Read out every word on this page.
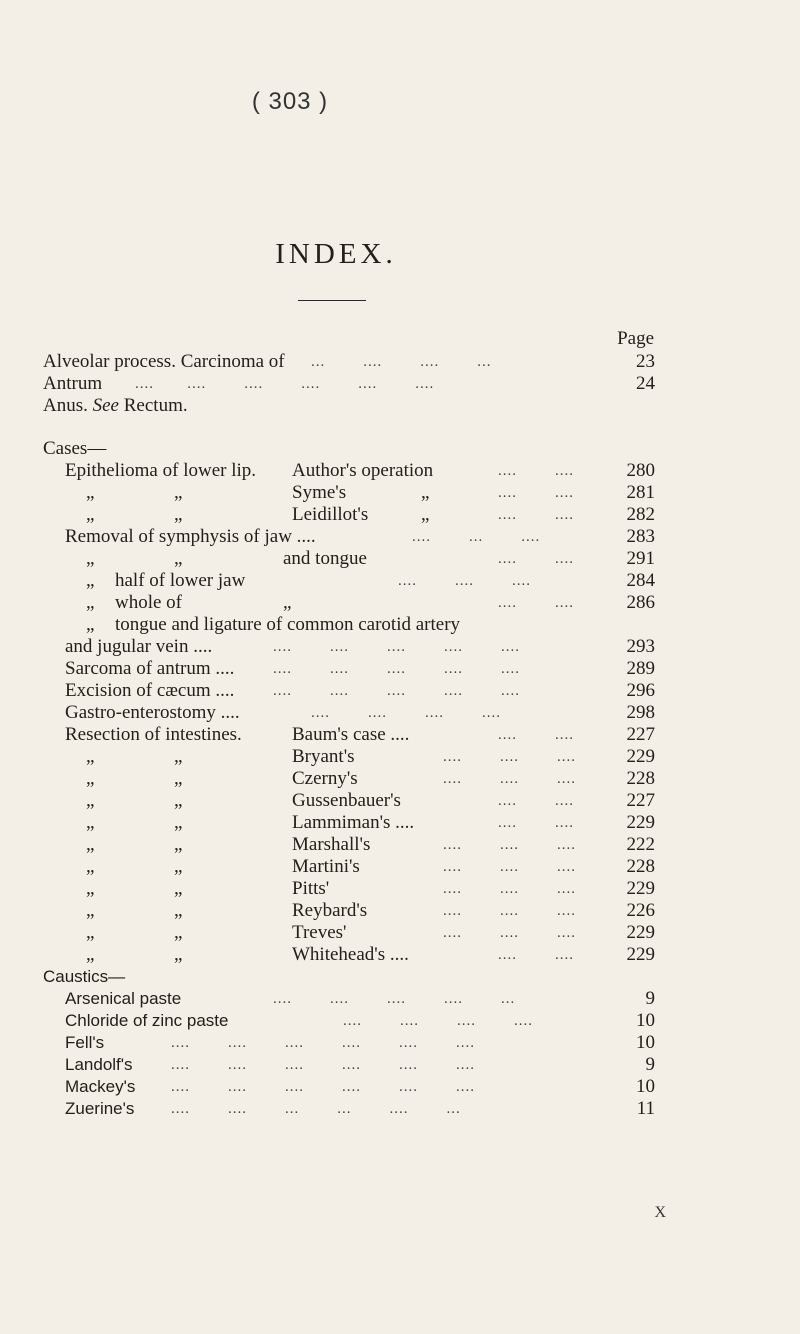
( 303 )
INDEX.
Page
Alveolar process. Carcinoma of ...        ....        ....        ...	23
Antrum ....       ....        ....        ....        ....        ....	24
Anus. See Rectum.
Cases—
Epithelioma of lower lip. Author's operation	....        ....	280
„	„	Syme's	„	....        ....	281
„	„	Leidillot's	„	....        ....	282
Removal of symphysis of jaw ....	....        ...        ....	283
„	„	and tongue	....        ....	291
„ half of lower jaw	....        ....        ....	284
„ whole of	„	....        ....	286
„ tongue and ligature of common carotid artery
and jugular vein ....	....        ....        ....        ....        ....	293
Sarcoma of antrum ....	....        ....        ....        ....        ....	289
Excision of cæcum ....	....        ....        ....        ....        ....	296
Gastro-enterostomy ....	....        ....        ....        ....	298
Resection of intestines.	Baum's case ....	....        ....	227
„	„	Bryant's	....        ....        ....	229
„	„	Czerny's	....        ....        ....	228
„	„	Gussenbauer's	....        ....	227
„	„	Lammiman's ....	....        ....	229
„	„	Marshall's	....        ....        ....	222
„	„	Martini's	....        ....        ....	228
„	„	Pitts'	....        ....        ....	229
„	„	Reybard's	....        ....        ....	226
„	„	Treves'	....        ....        ....	229
„	„	Whitehead's ....	....        ....	229
Caustics—
Arsenical paste	....        ....        ....        ....        ...	9
Chloride of zinc paste	....        ....        ....        ....	10
Fell's	....        ....        ....        ....        ....        ....	10
Landolf's	....        ....        ....        ....        ....        ....	9
Mackey's ....        ....        ....        ....        ....        ....	10
Zuerine's ....        ....        ...        ...        ....        ...	11
X
